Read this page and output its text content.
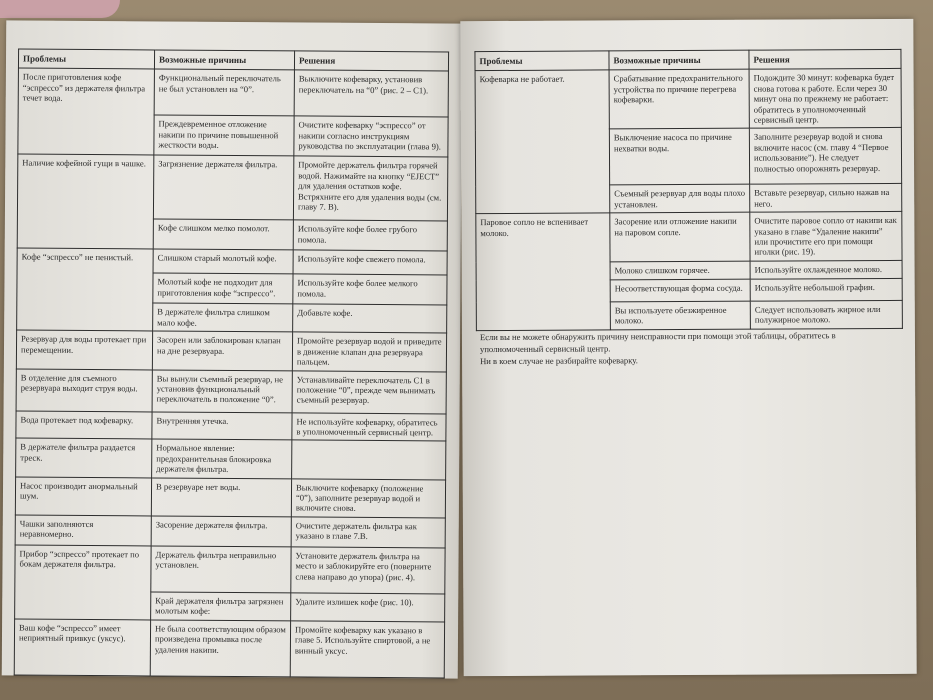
Проблемы	Возможные причины	Решения
После приготовления кофе “эспрессо” из держателя фильтра течет вода.	Функциональный переключатель не был установлен на “0”.	Выключите кофеварку, установив переключатель на “0” (рис. 2 – C1).
	Преждевременное отложение накипи по причине повышенной жесткости воды.	Очистите кофеварку “эспрессо” от накипи согласно инструкциям руководства по эксплуатации (глава 9).
Наличие кофейной гущи в чашке.	Загрязнение держателя фильтра.	Промойте держатель фильтра горячей водой. Нажимайте на кнопку “EJECT” для удаления остатков кофе. Встряхните его для удаления воды (см. главу 7. В).
	Кофе слишком мелко помолот.	Используйте кофе более грубого помола.
Кофе “эспрессо” не пенистый.	Слишком старый молотый кофе.	Используйте кофе свежего помола.
	Молотый кофе не подходит для приготовления кофе “эспрессо”.	Используйте кофе более мелкого помола.
	В держателе фильтра слишком мало кофе.	Добавьте кофе.
Резервуар для воды протекает при перемещении.	Засорен или заблокирован клапан на дне резервуара.	Промойте резервуар водой и приведите в движение клапан дна резервуара пальцем.
В отделение для съемного резервуара выходит струя воды.	Вы вынули съемный резервуар, не установив функциональный переключатель в положение “0”.	Устанавливайте переключатель C1 в положение “0”, прежде чем вынимать съемный резервуар.
Вода протекает под кофеварку.	Внутренняя утечка.	Не используйте кофеварку, обратитесь в уполномоченный сервисный центр.
В держателе фильтра раздается треск.	Нормальное явление: предохранительная блокировка держателя фильтра.	
Насос производит анормальный шум.	В резервуаре нет воды.	Выключите кофеварку (положение “0”), заполните резервуар водой и включите снова.
Чашки заполняются неравномерно.	Засорение держателя фильтра.	Очистите держатель фильтра как указано в главе 7.B.
Прибор “эспрессо” протекает по бокам держателя фильтра.	Держатель фильтра неправильно установлен.	Установите держатель фильтра на место и заблокируйте его (поверните слева направо до упора) (рис. 4).
	Край держателя фильтра загрязнен молотым кофе:	Удалите излишек кофе (рис. 10).
Ваш кофе “эспрессо” имеет неприятный привкус (уксус).	Не была соответствующим образом произведена промывка после удаления накипи.	Промойте кофеварку как указано в главе 5. Используйте спиртовой, а не винный уксус.
Проблемы	Возможные причины	Решения
Кофеварка не работает.	Срабатывание предохранительного устройства по причине перегрева кофеварки.	Подождите 30 минут: кофеварка будет снова готова к работе. Если через 30 минут она по прежнему не работает: обратитесь в уполномоченный сервисный центр.
	Выключение насоса по причине нехватки воды.	Заполните резервуар водой и снова включите насос (см. главу 4 “Первое использование”). Не следует полностью опорожнять резервуар.
	Съемный резервуар для воды плохо установлен.	Вставьте резервуар, сильно нажав на него.
Паровое сопло не вспенивает молоко.	Засорение или отложение накипи на паровом сопле.	Очистите паровое сопло от накипи как указано в главе “Удаление накипи” или прочистите его при помощи иголки (рис. 19).
	Молоко слишком горячее.	Используйте охлажденное молоко.
	Несоответствующая форма сосуда.	Используйте небольшой графин.
	Вы используете обезжиренное молоко.	Следует использовать жирное или полужирное молоко.
Если вы не можете обнаружить причину неисправности при помощи этой таблицы, обратитесь в уполномоченный сервисный центр.
Ни в коем случае не разбирайте кофеварку.
